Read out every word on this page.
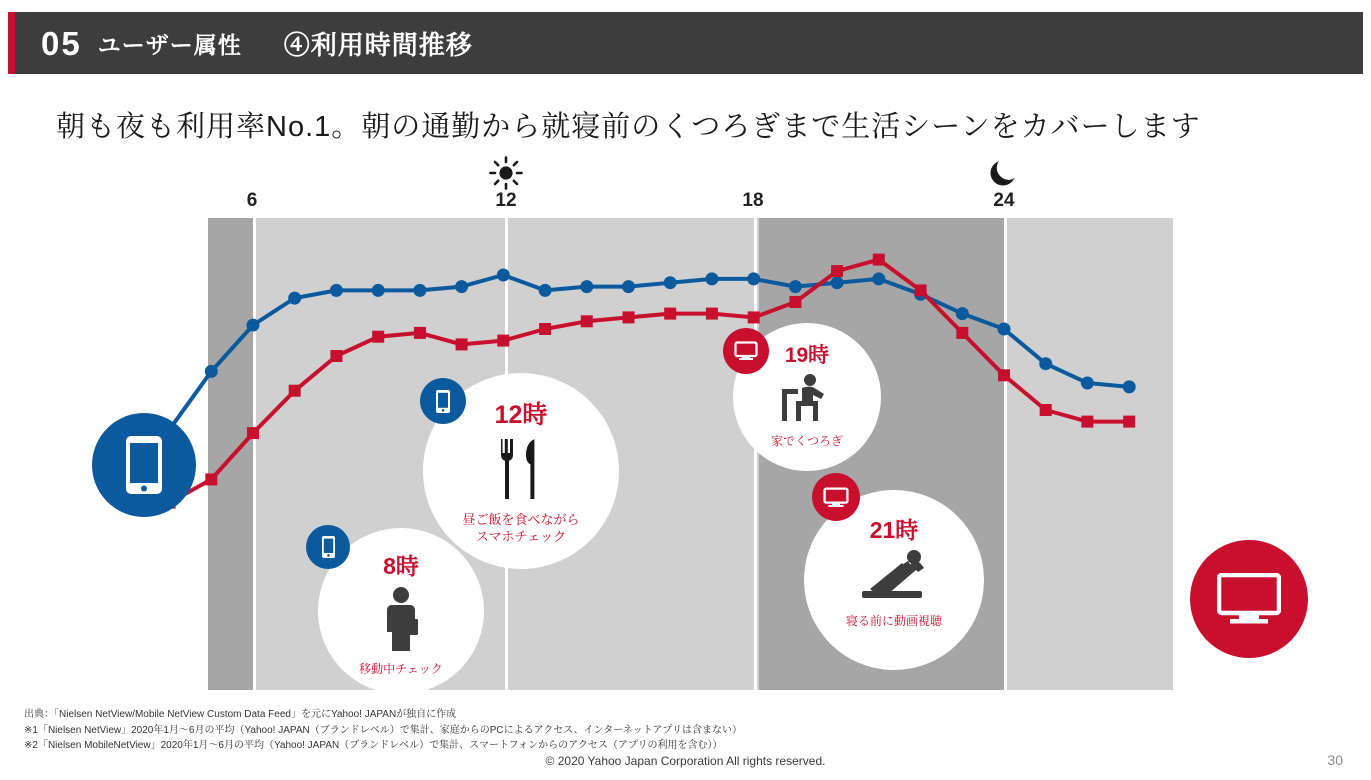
05 ユーザー属性 ④利用時間推移
朝も夜も利用率No.1。朝の通勤から就寝前のくつろぎまで生活シーンをカバーします
6	12	18	24
8時
移動中チェック
12時
昼ご飯を食べながら
スマホチェック
19時
家でくつろぎ
21時
寝る前に動画視聴
出典：「Nielsen NetView/Mobile NetView Custom Data Feed」を元にYahoo! JAPANが独自に作成
※1「Nielsen NetView」2020年1月～6月の平均（Yahoo! JAPAN（ブランドレベル）で集計、家庭からのPCによるアクセス、インターネットアプリは含まない）
※2「Nielsen MobileNetView」2020年1月～6月の平均（Yahoo! JAPAN（ブランドレベル）で集計、スマートフォンからのアクセス（アプリの利用を含む））
© 2020 Yahoo Japan Corporation All rights reserved.	30
